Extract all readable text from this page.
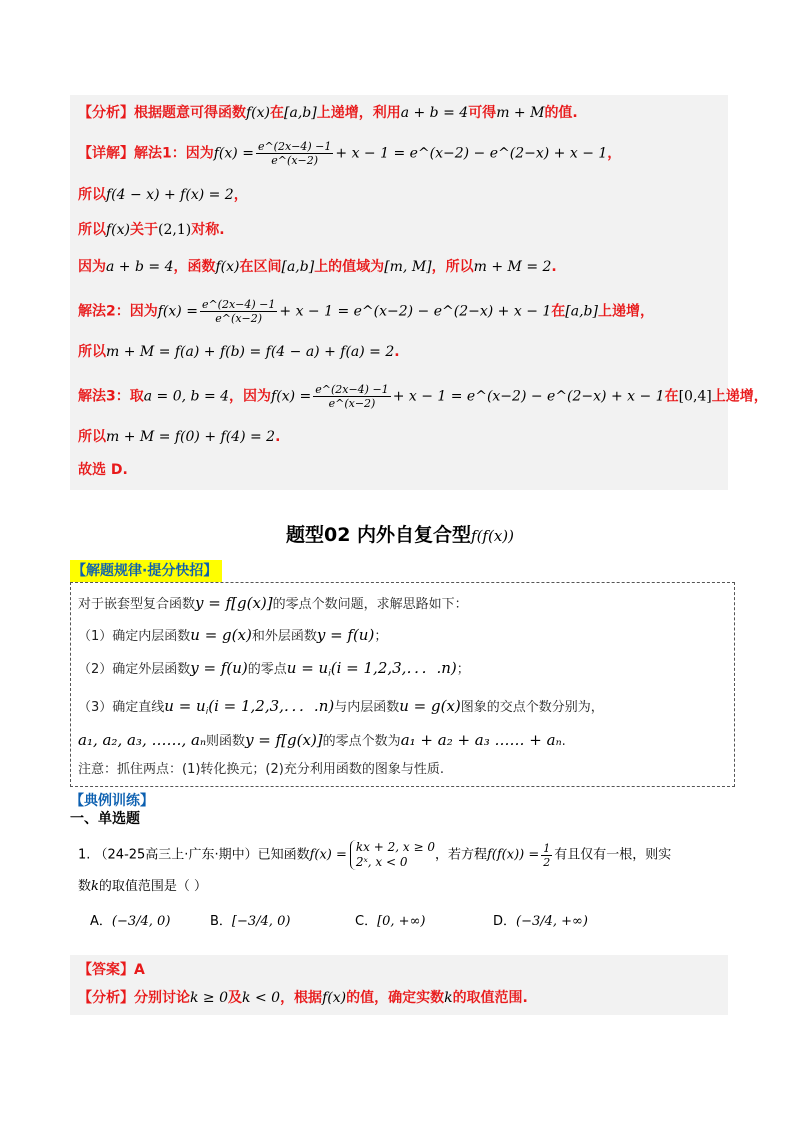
【分析】根据题意可得函数f(x)在[a,b]上递增，利用a + b = 4可得m + M的值.
【详解】解法1：因为$f(x) = \frac{e\^{}(2x-4) -1}{e\^{}(x-2)} + x - 1$ = e^(x−2) − e^(2−x) + x − 1，
所以f(4 − x) + f(x) = 2，
所以f(x)关于(2,1)对称.
因为a + b = 4，函数f(x)在区间[a,b]上的值域为[m, M]，所以m + M = 2.
解法2：因为$f(x) = \frac{e\^{}(2x-4) -1}{e\^{}(x-2)} + x - 1$ = e^(x−2) − e^(2−x) + x − 1在[a,b]上递增，
所以m + M = f(a) + f(b) = f(4 − a) + f(a) = 2.
解法3：取a = 0, b = 4，因为$f(x) = \frac{e\^{}(2x-4) -1}{e\^{}(x-2)} + x - 1$ = e^(x−2) − e^(2−x) + x − 1在[0,4]上递增，
所以m + M = f(0) + f(4) = 2.
故选 D.
题型02 内外自复合型f(f(x))
【解题规律·提分快招】
对于嵌套型复合函数y = f[g(x)]的零点个数问题，求解思路如下：
（1）确定内层函数u = g(x)和外层函数y = f(u)；
（2）确定外层函数y = f(u)的零点$u = u_i(i = 1,2,3$,．．．.n)；
（3）确定直线$u = u_i(i = 1,2,3$,．．．.n)与内层函数u = g(x)图象的交点个数分别为，
a₁, a₂, a₃, ……, aₙ则函数y = f[g(x)]的零点个数为a₁ + a₂ + a₃ …… + aₙ.
注意：抓住两点：(1)转化换元；(2)充分利用函数的图象与性质.
【典例训练】
一、单选题
1. （24-25高三上·广东·期中）已知函数f(x) =
kx + 2, x ≥ 0
2ˣ, x < 0	，若方程$f(f(x)) = \frac{1}{2}$ 有且仅有一根，则实
数k的取值范围是（ ）
A．(−3/4, 0)	B．[−3/4, 0)	C．[0, +∞)	D．(−3/4, +∞)
【答案】A
【分析】分别讨论k ≥ 0及k < 0，根据f(x)的值，确定实数k的取值范围.
